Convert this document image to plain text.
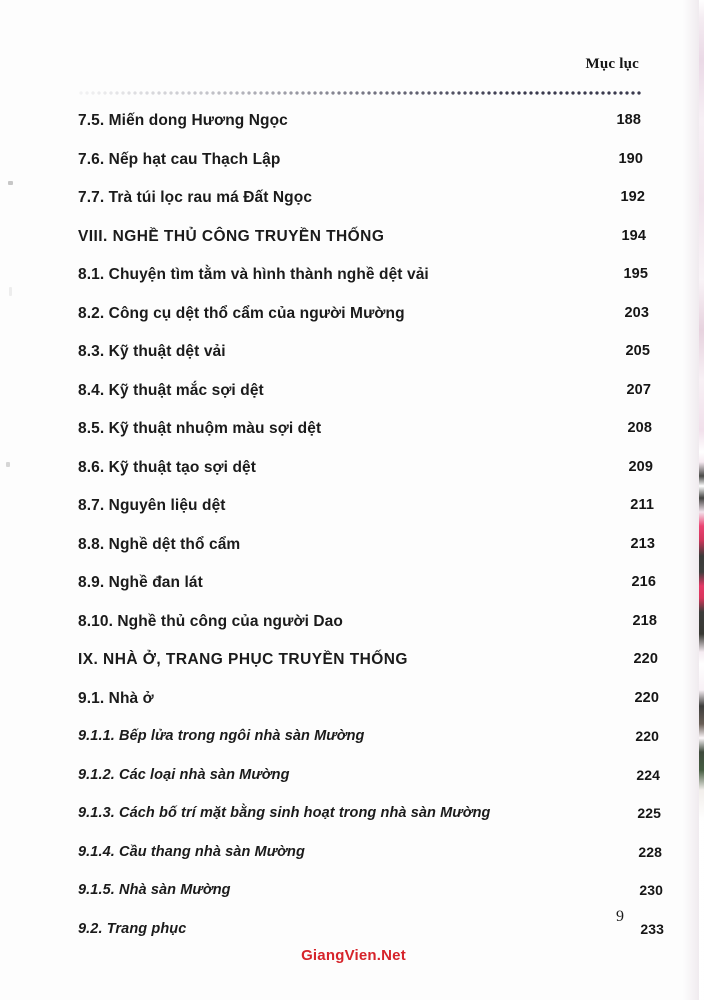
Mục lục
7.5. Miến dong Hương Ngọc	188
7.6. Nếp hạt cau Thạch Lập	190
7.7. Trà túi lọc rau má Đất Ngọc	192
VIII. NGHỀ THỦ CÔNG TRUYỀN THỐNG	194
8.1. Chuyện tìm tằm và hình thành nghề dệt vải	195
8.2. Công cụ dệt thổ cẩm của người Mường	203
8.3. Kỹ thuật dệt vải	205
8.4. Kỹ thuật mắc sợi dệt	207
8.5. Kỹ thuật nhuộm màu sợi dệt	208
8.6. Kỹ thuật tạo sợi dệt	209
8.7. Nguyên liệu dệt	211
8.8. Nghề dệt thổ cẩm	213
8.9. Nghề đan lát	216
8.10. Nghề thủ công của người Dao	218
IX. NHÀ Ở, TRANG PHỤC TRUYỀN THỐNG	220
9.1. Nhà ở	220
9.1.1. Bếp lửa trong ngôi nhà sàn Mường	220
9.1.2. Các loại nhà sàn Mường	224
9.1.3. Cách bố trí mặt bằng sinh hoạt trong nhà sàn Mường	225
9.1.4. Cầu thang nhà sàn Mường	228
9.1.5. Nhà sàn Mường	230
9.2. Trang phục	233
9
GiangVien.Net
